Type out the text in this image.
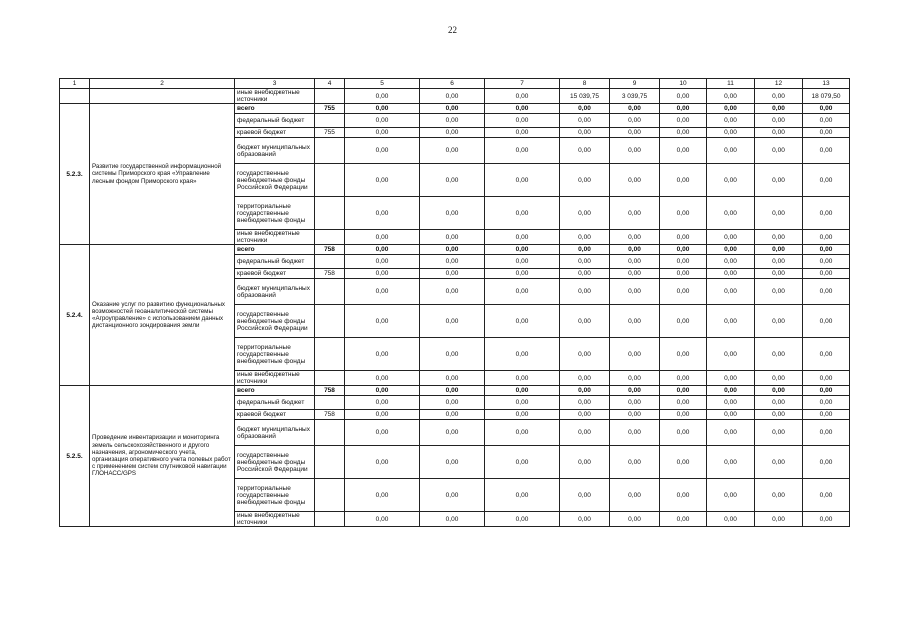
22
1	2	3	4	5	6	7	8	9	10	11	12	13
		иные внебюджетные источники		0,00	0,00	0,00	15 039,75	3 039,75	0,00	0,00	0,00	18 079,50
5.2.3.	Развитие государственной информационной системы Приморского края «Управление лесным фондом Приморского края»	всего	755	0,00	0,00	0,00	0,00	0,00	0,00	0,00	0,00	0,00
		федеральный бюджет		0,00	0,00	0,00	0,00	0,00	0,00	0,00	0,00	0,00
		краевой бюджет	755	0,00	0,00	0,00	0,00	0,00	0,00	0,00	0,00	0,00
		бюджет муниципальных образований		0,00	0,00	0,00	0,00	0,00	0,00	0,00	0,00	0,00
		государственные внебюджетные фонды Российской Федерации		0,00	0,00	0,00	0,00	0,00	0,00	0,00	0,00	0,00
		территориальные государственные внебюджетные фонды		0,00	0,00	0,00	0,00	0,00	0,00	0,00	0,00	0,00
		иные внебюджетные источники		0,00	0,00	0,00	0,00	0,00	0,00	0,00	0,00	0,00
5.2.4.	Оказание услуг по развитию функциональных возможностей геоаналитической системы «Агроуправление» с использованием данных дистанционного зондирования земли	всего	758	0,00	0,00	0,00	0,00	0,00	0,00	0,00	0,00	0,00
		федеральный бюджет		0,00	0,00	0,00	0,00	0,00	0,00	0,00	0,00	0,00
		краевой бюджет	758	0,00	0,00	0,00	0,00	0,00	0,00	0,00	0,00	0,00
		бюджет муниципальных образований		0,00	0,00	0,00	0,00	0,00	0,00	0,00	0,00	0,00
		государственные внебюджетные фонды Российской Федерации		0,00	0,00	0,00	0,00	0,00	0,00	0,00	0,00	0,00
		территориальные государственные внебюджетные фонды		0,00	0,00	0,00	0,00	0,00	0,00	0,00	0,00	0,00
		иные внебюджетные источники		0,00	0,00	0,00	0,00	0,00	0,00	0,00	0,00	0,00
5.2.5.	Проведение инвентаризации и мониторинга земель сельскохозяйственного и другого назначения, агрономического учета, организация оперативного учета полевых работ с применением систем спутниковой навигации ГЛОНАСС/GPS	всего	758	0,00	0,00	0,00	0,00	0,00	0,00	0,00	0,00	0,00
		федеральный бюджет		0,00	0,00	0,00	0,00	0,00	0,00	0,00	0,00	0,00
		краевой бюджет	758	0,00	0,00	0,00	0,00	0,00	0,00	0,00	0,00	0,00
		бюджет муниципальных образований		0,00	0,00	0,00	0,00	0,00	0,00	0,00	0,00	0,00
		государственные внебюджетные фонды Российской Федерации		0,00	0,00	0,00	0,00	0,00	0,00	0,00	0,00	0,00
		территориальные государственные внебюджетные фонды		0,00	0,00	0,00	0,00	0,00	0,00	0,00	0,00	0,00
		иные внебюджетные источники		0,00	0,00	0,00	0,00	0,00	0,00	0,00	0,00	0,00
